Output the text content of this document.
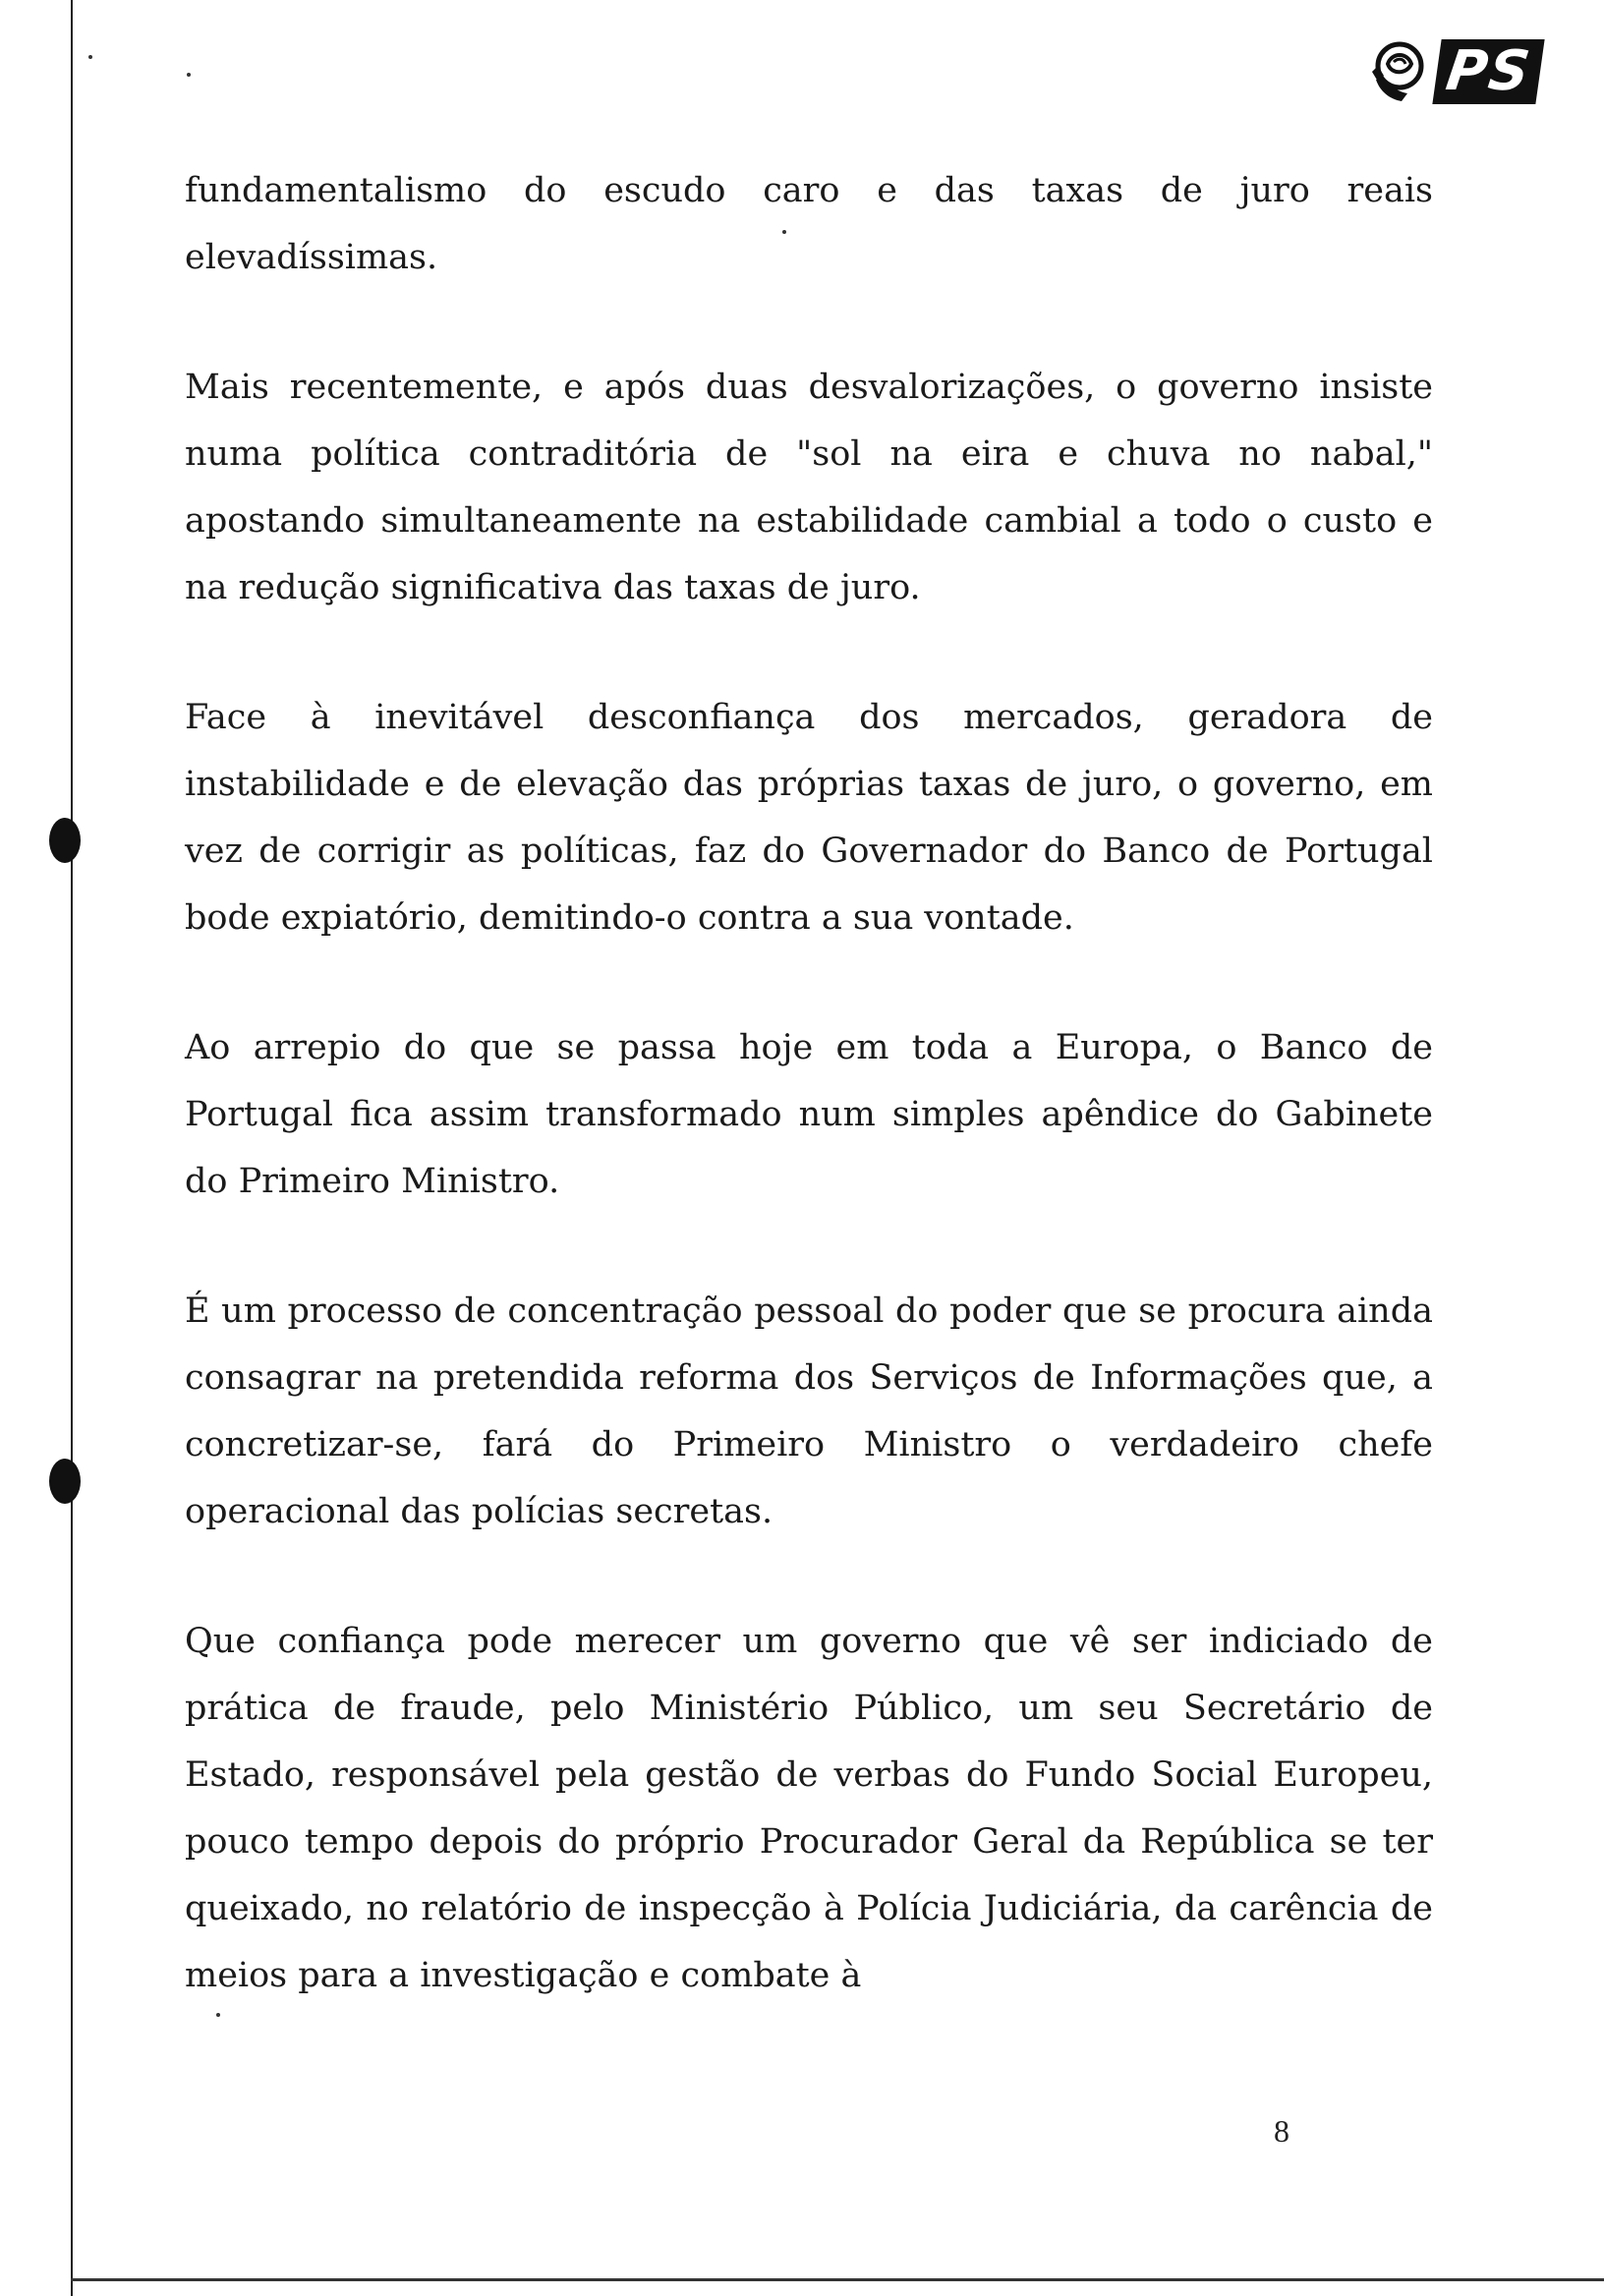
PS

fundamentalismo do escudo caro e das taxas de juro reais elevadíssimas.

Mais recentemente, e após duas desvalorizações, o governo insiste numa política contraditória de "sol na eira e chuva no nabal," apostando simultaneamente na estabilidade cambial a todo o custo e na redução significativa das taxas de juro.

Face à inevitável desconfiança dos mercados, geradora de instabilidade e de elevação das próprias taxas de juro, o governo, em vez de corrigir as políticas, faz do Governador do Banco de Portugal bode expiatório, demitindo-o contra a sua vontade.

Ao arrepio do que se passa hoje em toda a Europa, o Banco de Portugal fica assim transformado num simples apêndice do Gabinete do Primeiro Ministro.

É um processo de concentração pessoal do poder que se procura ainda consagrar na pretendida reforma dos Serviços de Informações que, a concretizar-se, fará do Primeiro Ministro o verdadeiro chefe operacional das polícias secretas.

Que confiança pode merecer um governo que vê ser indiciado de prática de fraude, pelo Ministério Público, um seu Secretário de Estado, responsável pela gestão de verbas do Fundo Social Europeu, pouco tempo depois do próprio Procurador Geral da República se ter queixado, no relatório de inspecção à Polícia Judiciária, da carência de meios para a investigação e combate à

8
